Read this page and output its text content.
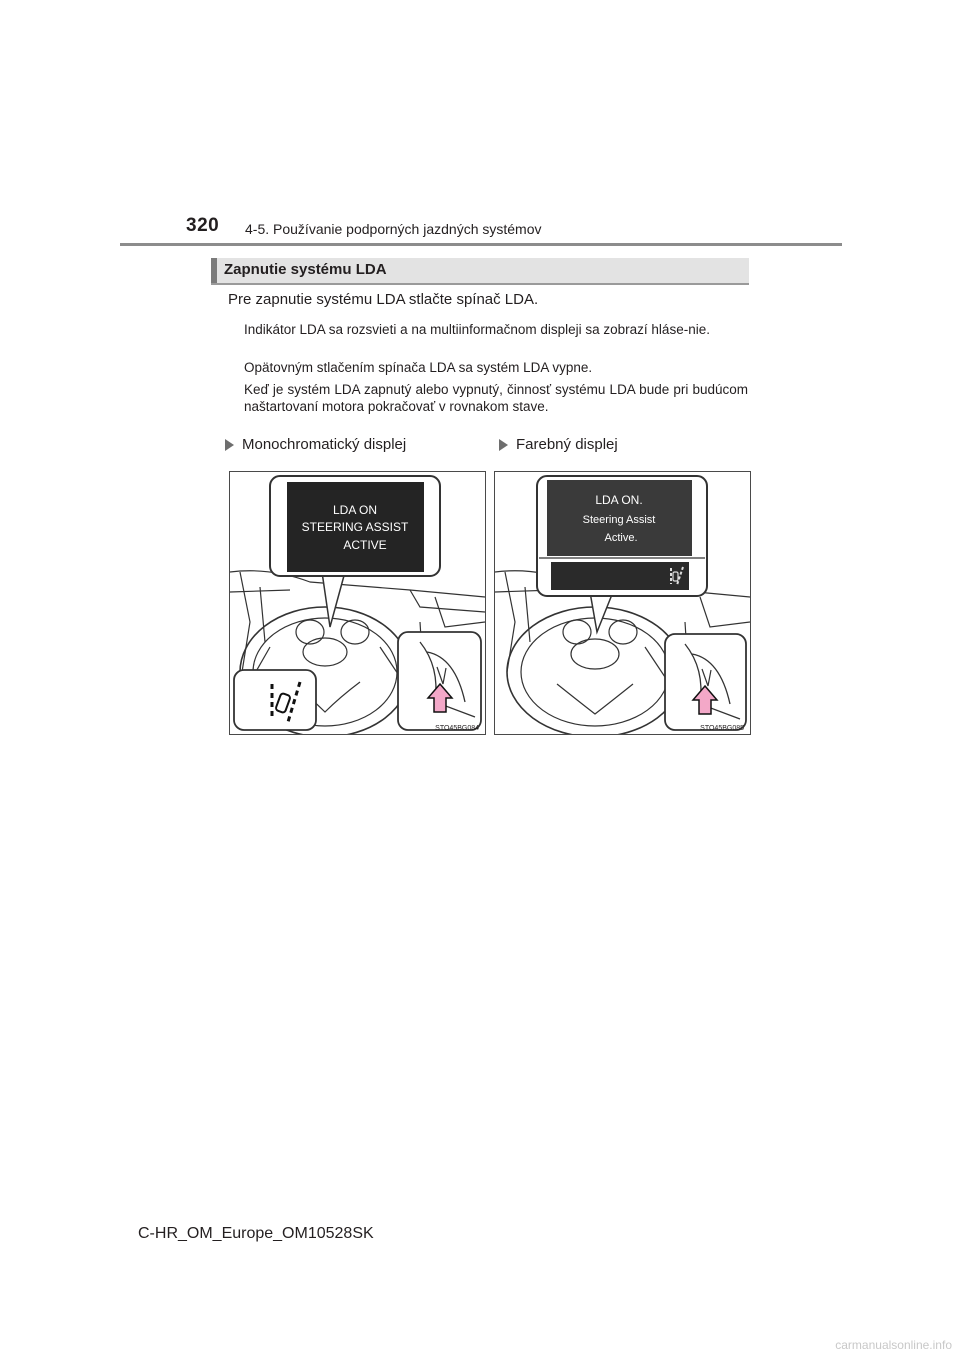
320 4-5. Používanie podporných jazdných systémov
Zapnutie systému LDA
Pre zapnutie systému LDA stlačte spínač LDA.
Indikátor LDA sa rozsvieti a na multiinformačnom displeji sa zobrazí hláse-nie.
Opätovným stlačením spínača LDA sa systém LDA vypne.
Keď je systém LDA zapnutý alebo vypnutý, činnosť systému LDA bude pri budúcom naštartovaní motora pokračovať v rovnakom stave.
Monochromatický displej	Farebný displej
LDA ON
STEERING ASSIST
ACTIVE
STO45BG084
LDA ON.
Steering Assist
Active.
STO45BG085
C-HR_OM_Europe_OM10528SK
carmanualsonline.info
